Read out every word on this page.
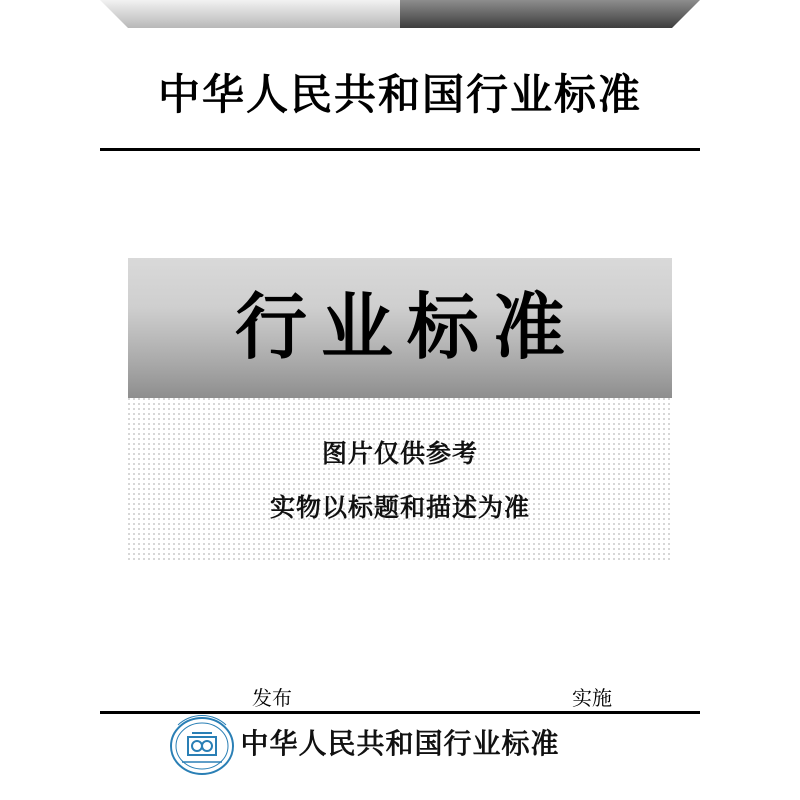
中华人民共和国行业标准
行业标准
图片仅供参考
实物以标题和描述为准
发布	实施
中华人民共和国行业标准
